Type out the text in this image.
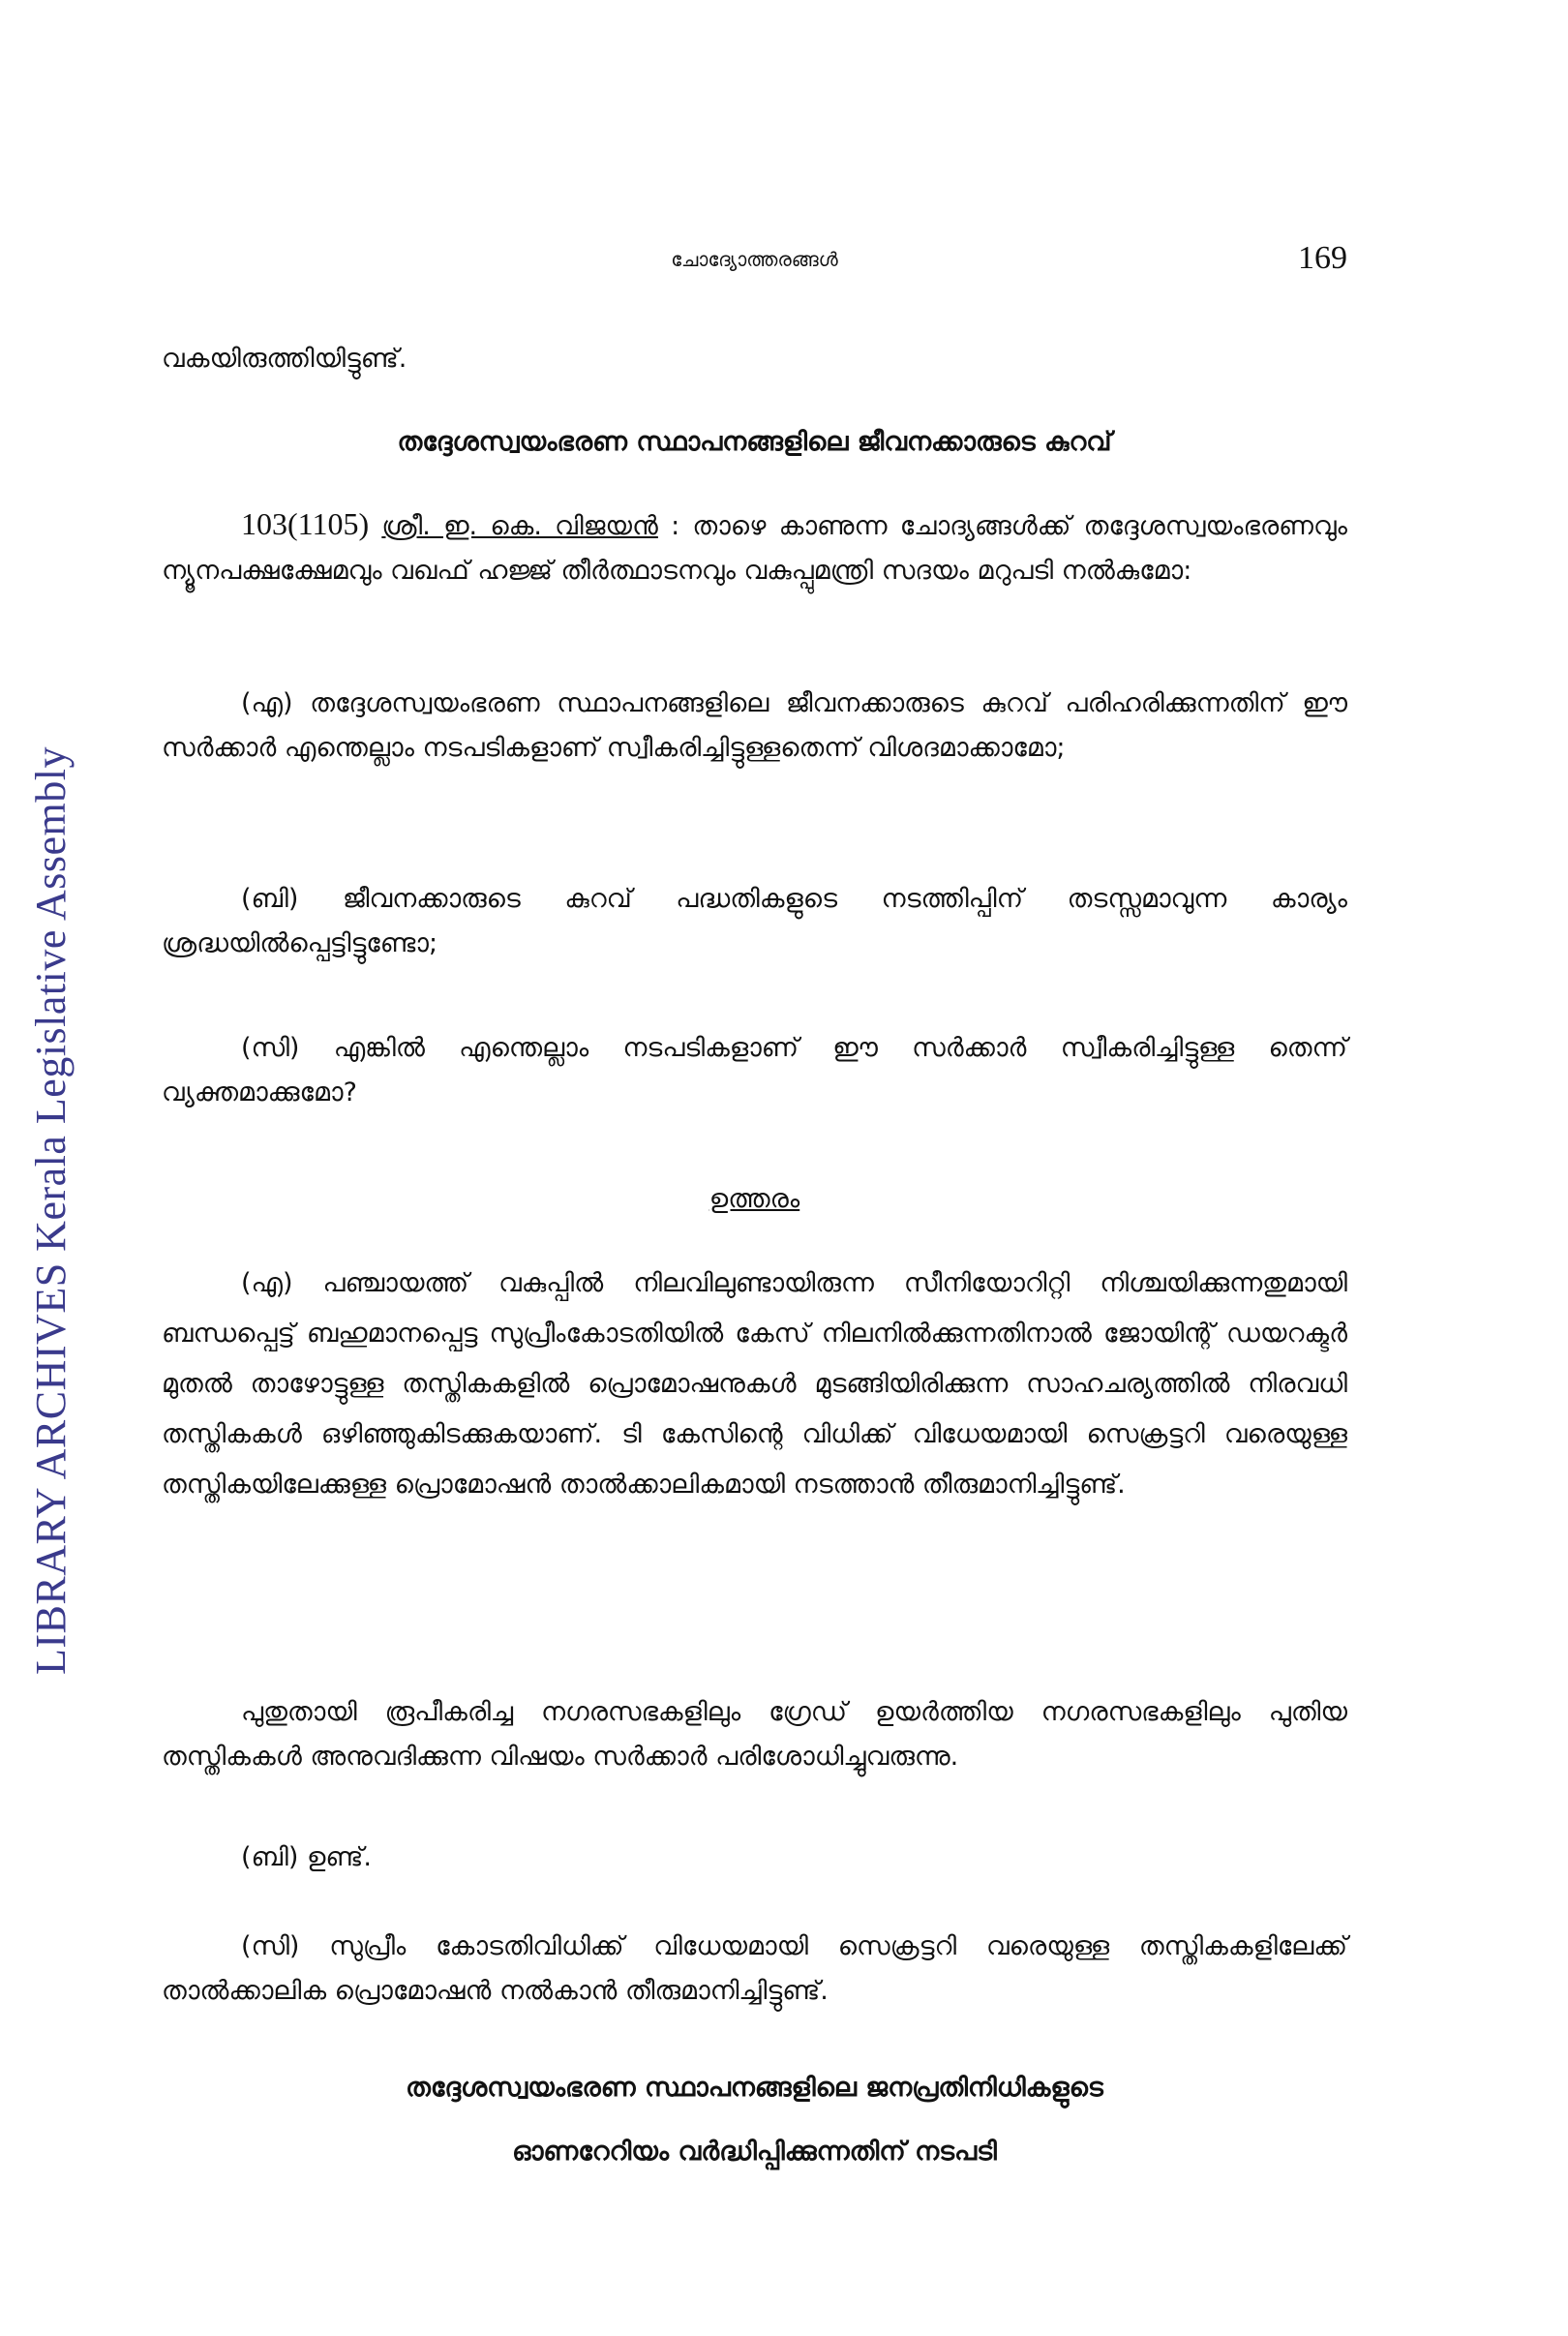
LIBRARY ARCHIVES Kerala Legislative Assembly
ചോദ്യോത്തരങ്ങൾ	169
വകയിരുത്തിയിട്ടുണ്ട്.
തദ്ദേശസ്വയംഭരണ സ്ഥാപനങ്ങളിലെ ജീവനക്കാരുടെ കുറവ്
103(1105) ശ്രീ. ഇ. കെ. വിജയൻ : താഴെ കാണുന്ന ചോദ്യങ്ങൾക്ക് തദ്ദേശസ്വയംഭരണവും ന്യൂനപക്ഷക്ഷേമവും വഖഫ് ഹജ്ജ് തീർത്ഥാടനവും വകുപ്പുമന്ത്രി സദയം മറുപടി നൽകുമോ:
(എ) തദ്ദേശസ്വയംഭരണ സ്ഥാപനങ്ങളിലെ ജീവനക്കാരുടെ കുറവ് പരിഹരിക്കുന്നതിന് ഈ സർക്കാർ എന്തെല്ലാം നടപടികളാണ് സ്വീകരിച്ചിട്ടുള്ളതെന്ന് വിശദമാക്കാമോ;
(ബി) ജീവനക്കാരുടെ കുറവ് പദ്ധതികളുടെ നടത്തിപ്പിന് തടസ്സമാവുന്ന കാര്യം ശ്രദ്ധയിൽപ്പെട്ടിട്ടുണ്ടോ;
(സി) എങ്കിൽ എന്തെല്ലാം നടപടികളാണ് ഈ സർക്കാർ സ്വീകരിച്ചിട്ടുള്ള തെന്ന് വ്യക്തമാക്കുമോ?
ഉത്തരം
(എ) പഞ്ചായത്ത് വകുപ്പിൽ നിലവിലുണ്ടായിരുന്ന സീനിയോറിറ്റി നിശ്ചയിക്കുന്നതുമായി ബന്ധപ്പെട്ട് ബഹുമാനപ്പെട്ട സുപ്രീംകോടതിയിൽ കേസ് നിലനിൽക്കുന്നതിനാൽ ജോയിന്റ് ഡയറക്ടർ മുതൽ താഴോട്ടുള്ള തസ്തികകളിൽ പ്രൊമോഷനുകൾ മുടങ്ങിയിരിക്കുന്ന സാഹചര്യത്തിൽ നിരവധി തസ്തികകൾ ഒഴിഞ്ഞുകിടക്കുകയാണ്. ടി കേസിന്റെ വിധിക്ക് വിധേയമായി സെക്രട്ടറി വരെയുള്ള തസ്തികയിലേക്കുള്ള പ്രൊമോഷൻ താൽക്കാലികമായി നടത്താൻ തീരുമാനിച്ചിട്ടുണ്ട്.
പുതുതായി രൂപീകരിച്ച നഗരസഭകളിലും ഗ്രേഡ് ഉയർത്തിയ നഗരസഭകളിലും പുതിയ തസ്തികകൾ അനുവദിക്കുന്ന വിഷയം സർക്കാർ പരിശോധിച്ചുവരുന്നു.
(ബി) ഉണ്ട്.
(സി) സുപ്രീം കോടതിവിധിക്ക് വിധേയമായി സെക്രട്ടറി വരെയുള്ള തസ്തികകളിലേക്ക് താൽക്കാലിക പ്രൊമോഷൻ നൽകാൻ തീരുമാനിച്ചിട്ടുണ്ട്.
തദ്ദേശസ്വയംഭരണ സ്ഥാപനങ്ങളിലെ ജനപ്രതിനിധികളുടെ
ഓണറേറിയം വർദ്ധിപ്പിക്കുന്നതിന് നടപടി
